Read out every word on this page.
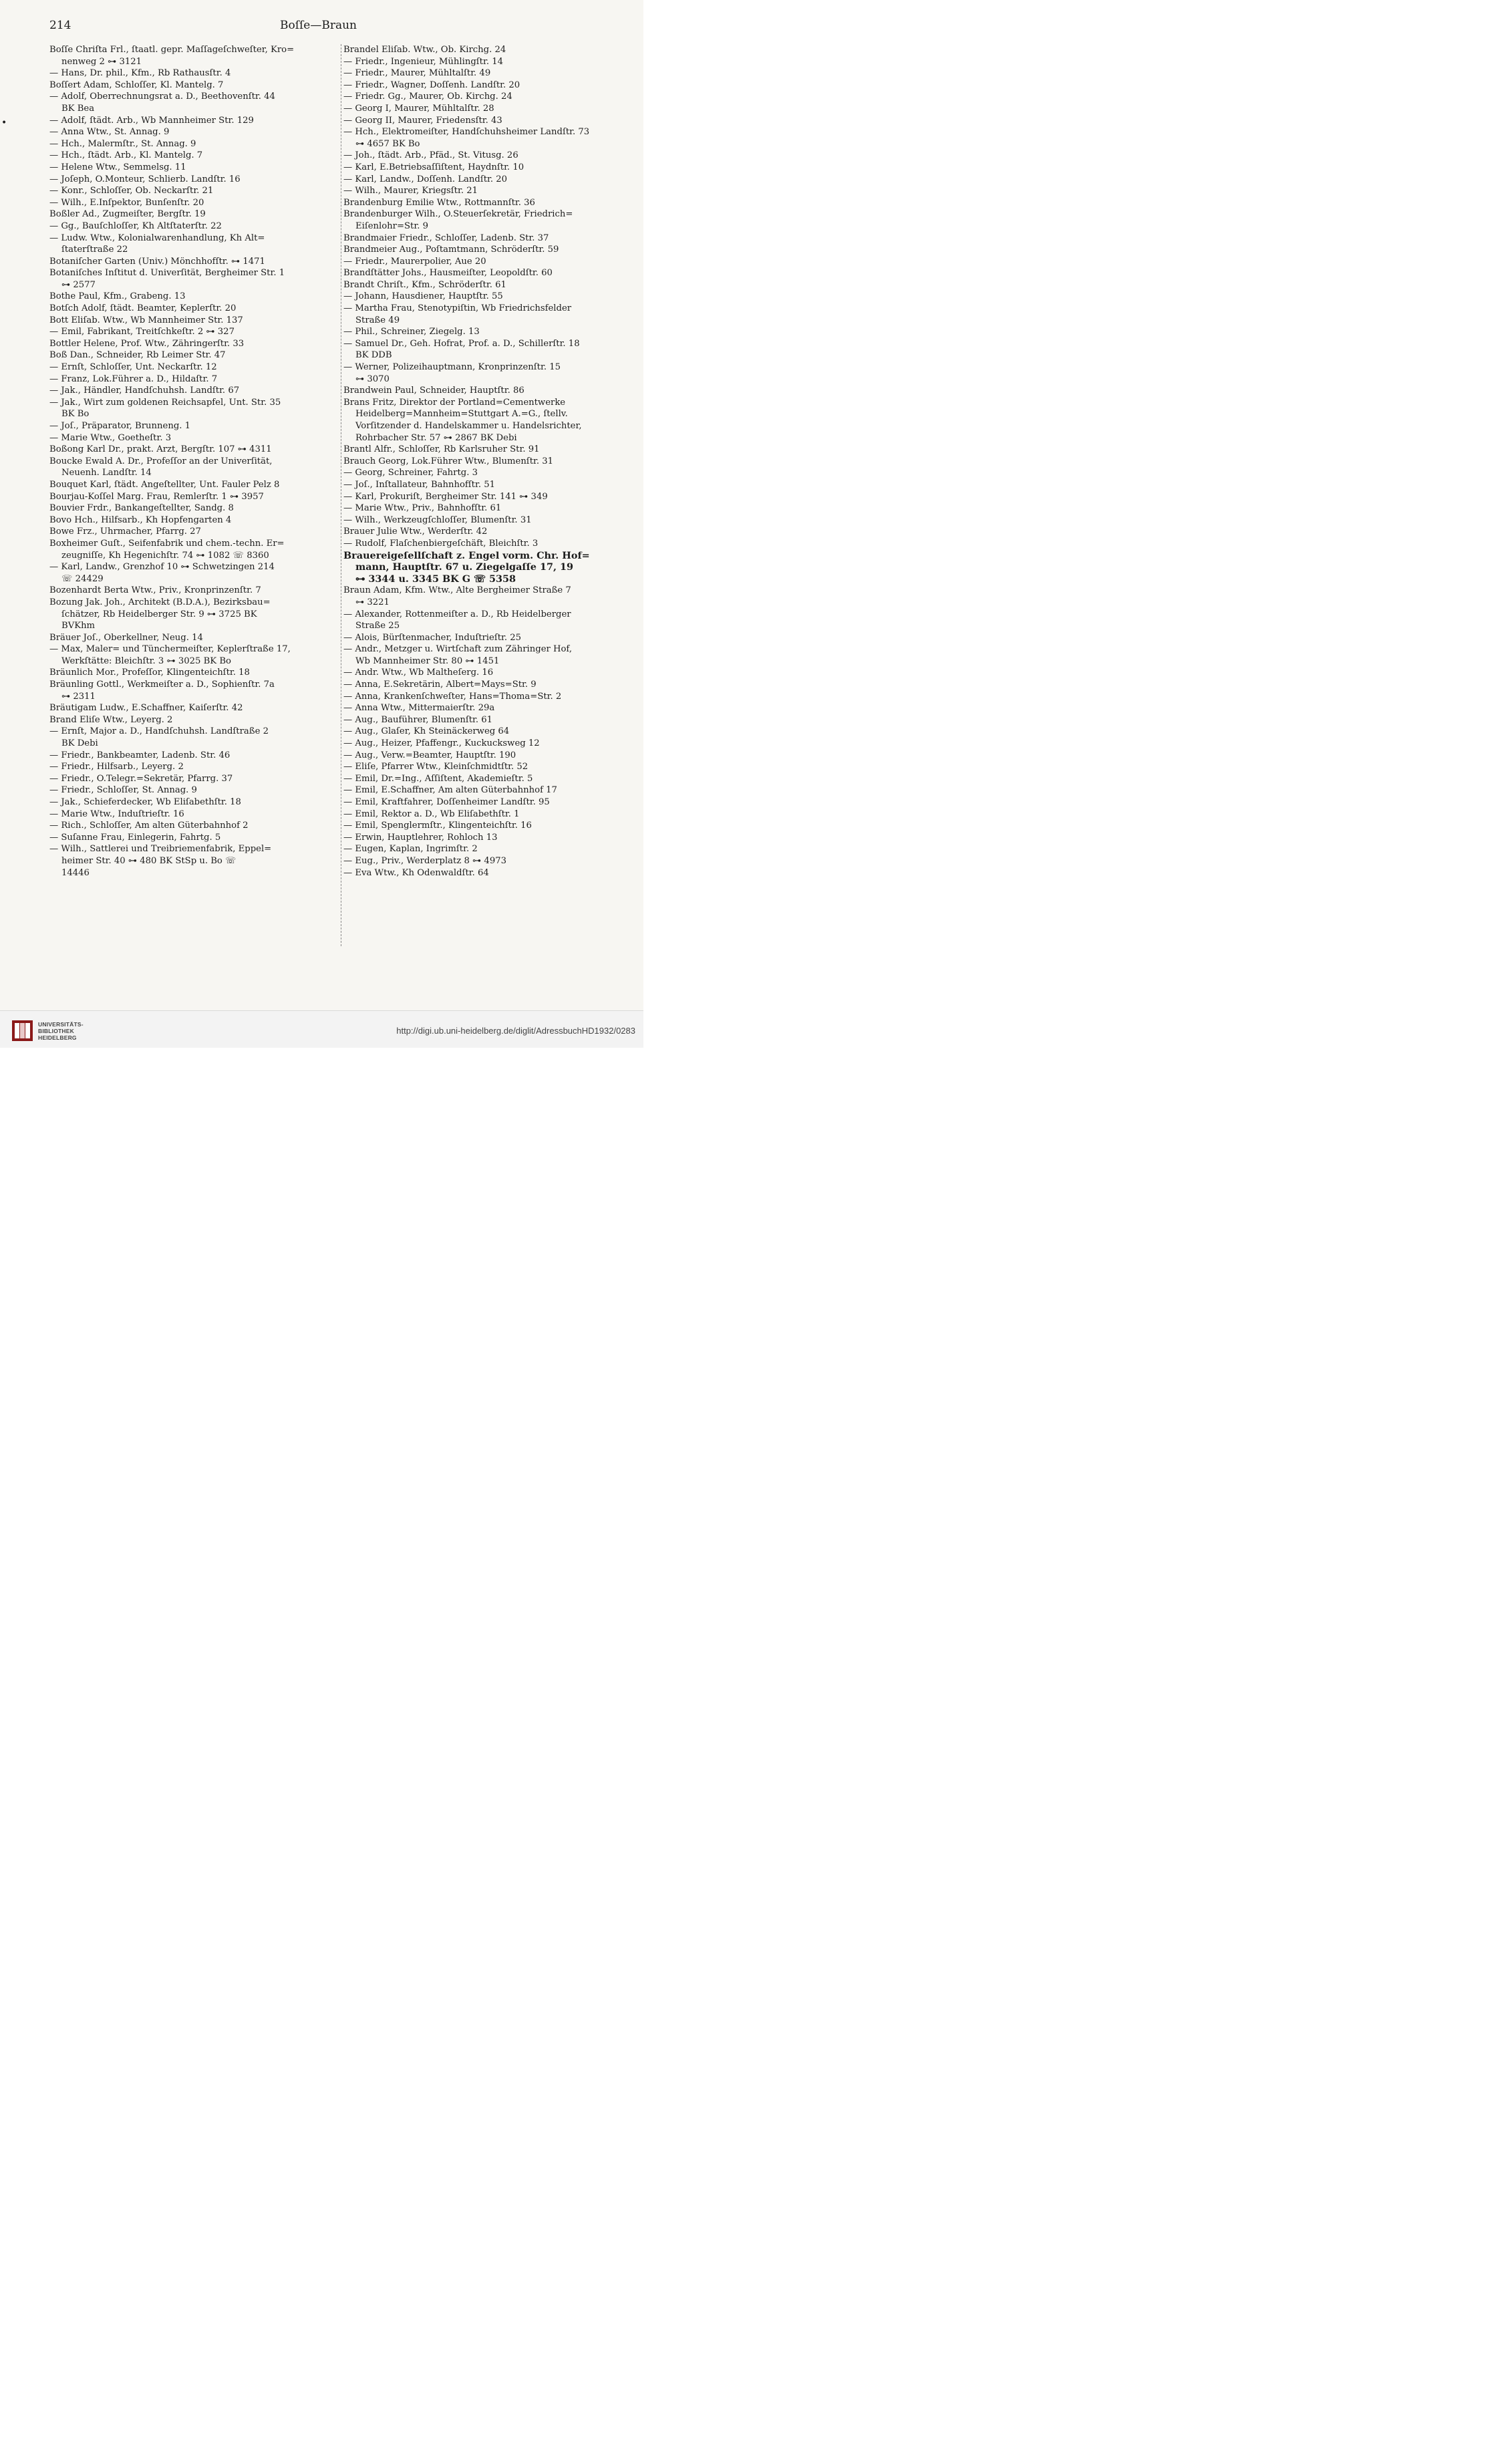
214	Boſſe—Braun
•
Boſſe Chriſta Frl., ſtaatl. gepr. Maſſageſchweſter, Kro=
nenweg 2 ⊶ 3121
— Hans, Dr. phil., Kfm., Rb Rathausſtr. 4
Boſſert Adam, Schloſſer, Kl. Mantelg. 7
— Adolf, Oberrechnungsrat a. D., Beethovenſtr. 44
BK Bea
— Adolf, ſtädt. Arb., Wb Mannheimer Str. 129
— Anna Wtw., St. Annag. 9
— Hch., Malermſtr., St. Annag. 9
— Hch., ſtädt. Arb., Kl. Mantelg. 7
— Helene Wtw., Semmelsg. 11
— Joſeph, O.Monteur, Schlierb. Landſtr. 16
— Konr., Schloſſer, Ob. Neckarſtr. 21
— Wilh., E.Inſpektor, Bunſenſtr. 20
Boßler Ad., Zugmeiſter, Bergſtr. 19
— Gg., Bauſchloſſer, Kh Altſtaterſtr. 22
— Ludw. Wtw., Kolonialwarenhandlung, Kh Alt=
ſtaterſtraße 22
Botaniſcher Garten (Univ.) Mönchhofſtr. ⊶ 1471
Botaniſches Inſtitut d. Univerſität, Bergheimer Str. 1
⊶ 2577
Bothe Paul, Kfm., Grabeng. 13
Botſch Adolf, ſtädt. Beamter, Keplerſtr. 20
Bott Eliſab. Wtw., Wb Mannheimer Str. 137
— Emil, Fabrikant, Treitſchkeſtr. 2 ⊶ 327
Bottler Helene, Prof. Wtw., Zähringerſtr. 33
Boß Dan., Schneider, Rb Leimer Str. 47
— Ernſt, Schloſſer, Unt. Neckarſtr. 12
— Franz, Lok.Führer a. D., Hildaſtr. 7
— Jak., Händler, Handſchuhsh. Landſtr. 67
— Jak., Wirt zum goldenen Reichsapfel, Unt. Str. 35
BK Bo
— Joſ., Präparator, Brunneng. 1
— Marie Wtw., Goetheſtr. 3
Boßong Karl Dr., prakt. Arzt, Bergſtr. 107 ⊶ 4311
Boucke Ewald A. Dr., Profeſſor an der Univerſität,
Neuenh. Landſtr. 14
Bouquet Karl, ſtädt. Angeſtellter, Unt. Fauler Pelz 8
Bourjau-Koſſel Marg. Frau, Remlerſtr. 1 ⊶ 3957
Bouvier Frdr., Bankangeſtellter, Sandg. 8
Bovo Hch., Hilfsarb., Kh Hopfengarten 4
Bowe Frz., Uhrmacher, Pfarrg. 27
Boxheimer Guſt., Seifenfabrik und chem.-techn. Er=
zeugniſſe, Kh Hegenichſtr. 74 ⊶ 1082 ☏ 8360
— Karl, Landw., Grenzhof 10 ⊶ Schwetzingen 214
☏ 24429
Bozenhardt Berta Wtw., Priv., Kronprinzenſtr. 7
Bozung Jak. Joh., Architekt (B.D.A.), Bezirksbau=
ſchätzer, Rb Heidelberger Str. 9 ⊶ 3725 BK
BVKhm
Bräuer Joſ., Oberkellner, Neug. 14
— Max, Maler= und Tünchermeiſter, Keplerſtraße 17,
Werkſtätte: Bleichſtr. 3 ⊶ 3025 BK Bo
Bräunlich Mor., Profeſſor, Klingenteichſtr. 18
Bräunling Gottl., Werkmeiſter a. D., Sophienſtr. 7a
⊶ 2311
Bräutigam Ludw., E.Schaffner, Kaiſerſtr. 42
Brand Eliſe Wtw., Leyerg. 2
— Ernſt, Major a. D., Handſchuhsh. Landſtraße 2
BK Debi
— Friedr., Bankbeamter, Ladenb. Str. 46
— Friedr., Hilfsarb., Leyerg. 2
— Friedr., O.Telegr.=Sekretär, Pfarrg. 37
— Friedr., Schloſſer, St. Annag. 9
— Jak., Schieferdecker, Wb Eliſabethſtr. 18
— Marie Wtw., Induſtrieſtr. 16
— Rich., Schloſſer, Am alten Güterbahnhof 2
— Suſanne Frau, Einlegerin, Fahrtg. 5
— Wilh., Sattlerei und Treibriemenfabrik, Eppel=
heimer Str. 40 ⊶ 480 BK StSp u. Bo ☏
14446
Brandel Eliſab. Wtw., Ob. Kirchg. 24
— Friedr., Ingenieur, Mühlingſtr. 14
— Friedr., Maurer, Mühltalſtr. 49
— Friedr., Wagner, Doſſenh. Landſtr. 20
— Friedr. Gg., Maurer, Ob. Kirchg. 24
— Georg I, Maurer, Mühltalſtr. 28
— Georg II, Maurer, Friedensſtr. 43
— Hch., Elektromeiſter, Handſchuhsheimer Landſtr. 73
⊶ 4657 BK Bo
— Joh., ſtädt. Arb., Pfäd., St. Vitusg. 26
— Karl, E.Betriebsaſſiſtent, Haydnſtr. 10
— Karl, Landw., Doſſenh. Landſtr. 20
— Wilh., Maurer, Kriegsſtr. 21
Brandenburg Emilie Wtw., Rottmannſtr. 36
Brandenburger Wilh., O.Steuerſekretär, Friedrich=
Eiſenlohr=Str. 9
Brandmaier Friedr., Schloſſer, Ladenb. Str. 37
Brandmeier Aug., Poſtamtmann, Schröderſtr. 59
— Friedr., Maurerpolier, Aue 20
Brandſtätter Johs., Hausmeiſter, Leopoldſtr. 60
Brandt Chriſt., Kfm., Schröderſtr. 61
— Johann, Hausdiener, Hauptſtr. 55
— Martha Frau, Stenotypiſtin, Wb Friedrichsfelder
Straße 49
— Phil., Schreiner, Ziegelg. 13
— Samuel Dr., Geh. Hofrat, Prof. a. D., Schillerſtr. 18
BK DDB
— Werner, Polizeihauptmann, Kronprinzenſtr. 15
⊶ 3070
Brandwein Paul, Schneider, Hauptſtr. 86
Brans Fritz, Direktor der Portland=Cementwerke
Heidelberg=Mannheim=Stuttgart A.=G., ſtellv.
Vorſitzender d. Handelskammer u. Handelsrichter,
Rohrbacher Str. 57 ⊶ 2867 BK Debi
Brantl Alfr., Schloſſer, Rb Karlsruher Str. 91
Brauch Georg, Lok.Führer Wtw., Blumenſtr. 31
— Georg, Schreiner, Fahrtg. 3
— Joſ., Inſtallateur, Bahnhofſtr. 51
— Karl, Prokuriſt, Bergheimer Str. 141 ⊶ 349
— Marie Wtw., Priv., Bahnhofſtr. 61
— Wilh., Werkzeugſchloſſer, Blumenſtr. 31
Brauer Julie Wtw., Werderſtr. 42
— Rudolf, Flaſchenbiergeſchäft, Bleichſtr. 3
Brauereigeſellſchaft z. Engel vorm. Chr. Hof=
mann, Hauptſtr. 67 u. Ziegelgaſſe 17, 19
⊶ 3344 u. 3345 BK G ☏ 5358
Braun Adam, Kfm. Wtw., Alte Bergheimer Straße 7
⊶ 3221
— Alexander, Rottenmeiſter a. D., Rb Heidelberger
Straße 25
— Alois, Bürſtenmacher, Induſtrieſtr. 25
— Andr., Metzger u. Wirtſchaft zum Zähringer Hof,
Wb Mannheimer Str. 80 ⊶ 1451
— Andr. Wtw., Wb Maltheſerg. 16
— Anna, E.Sekretärin, Albert=Mays=Str. 9
— Anna, Krankenſchweſter, Hans=Thoma=Str. 2
— Anna Wtw., Mittermaierſtr. 29a
— Aug., Bauführer, Blumenſtr. 61
— Aug., Glaſer, Kh Steinäckerweg 64
— Aug., Heizer, Pfaffengr., Kuckucksweg 12
— Aug., Verw.=Beamter, Hauptſtr. 190
— Eliſe, Pfarrer Wtw., Kleinſchmidtſtr. 52
— Emil, Dr.=Ing., Aſſiſtent, Akademieſtr. 5
— Emil, E.Schaffner, Am alten Güterbahnhof 17
— Emil, Kraftfahrer, Doſſenheimer Landſtr. 95
— Emil, Rektor a. D., Wb Eliſabethſtr. 1
— Emil, Spenglermſtr., Klingenteichſtr. 16
— Erwin, Hauptlehrer, Rohloch 13
— Eugen, Kaplan, Ingrimſtr. 2
— Eug., Priv., Werderplatz 8 ⊶ 4973
— Eva Wtw., Kh Odenwaldſtr. 64
UNIVERSITÄTS-
BIBLIOTHEK
HEIDELBERG
http://digi.ub.uni-heidelberg.de/diglit/AdressbuchHD1932/0283
